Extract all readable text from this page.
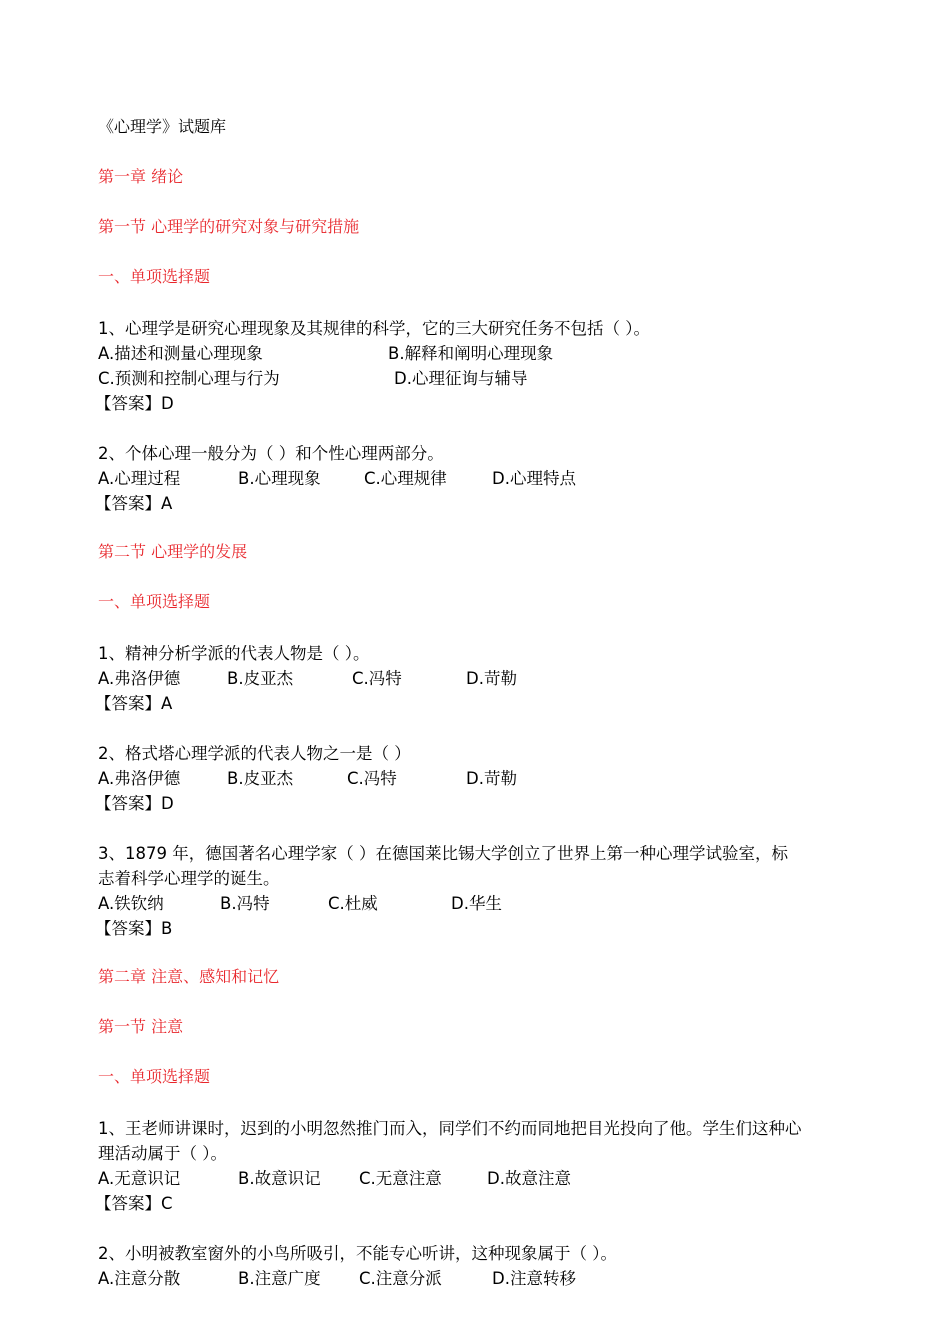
《心理学》试题库
第一章 绪论
第一节 心理学的研究对象与研究措施
一、单项选择题
1、心理学是研究心理现象及其规律的科学，它的三大研究任务不包括（ ）。
A.描述和测量心理现象	B.解释和阐明心理现象
C.预测和控制心理与行为	D.心理征询与辅导
【答案】D
2、个体心理一般分为（ ）和个性心理两部分。
A.心理过程	B.心理现象	C.心理规律	D.心理特点
【答案】A
第二节 心理学的发展
一、单项选择题
1、精神分析学派的代表人物是（ ）。
A.弗洛伊德	B.皮亚杰	C.冯特	D.苛勒
【答案】A
2、格式塔心理学派的代表人物之一是（ ）
A.弗洛伊德	B.皮亚杰	C.冯特	D.苛勒
【答案】D
3、1879 年，德国著名心理学家（ ）在德国莱比锡大学创立了世界上第一种心理学试验室，标
志着科学心理学的诞生。
A.铁钦纳	B.冯特	C.杜威	D.华生
【答案】B
第二章 注意、感知和记忆
第一节 注意
一、单项选择题
1、王老师讲课时，迟到的小明忽然推门而入，同学们不约而同地把目光投向了他。学生们这种心
理活动属于（ ）。
A.无意识记	B.故意识记 C.无意注意	D.故意注意
【答案】C
2、小明被教室窗外的小鸟所吸引，不能专心听讲，这种现象属于（ ）。
A.注意分散	B.注意广度 C.注意分派	D.注意转移
